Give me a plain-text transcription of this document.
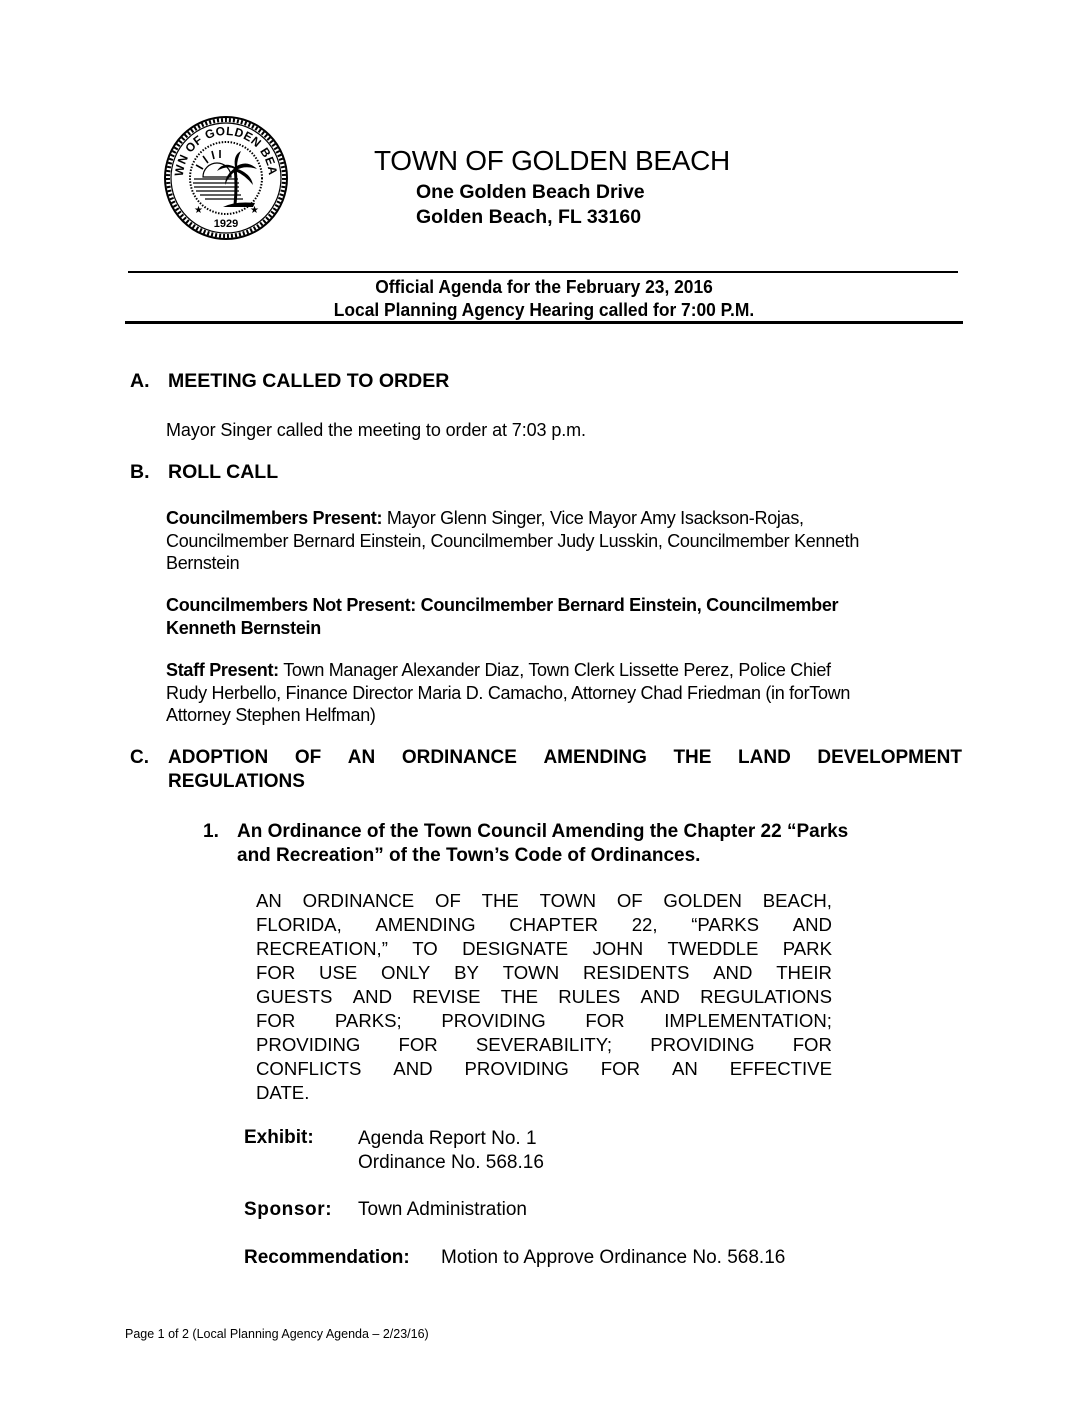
WN OF GOLDEN BEA
★	★
1929
TOWN OF GOLDEN BEACH
One Golden Beach Drive
Golden Beach, FL 33160
Official Agenda for the February 23, 2016
Local Planning Agency Hearing called for 7:00 P.M.
A. MEETING CALLED TO ORDER
Mayor Singer called the meeting to order at 7:03 p.m.
B. ROLL CALL
Councilmembers Present: Mayor Glenn Singer, Vice Mayor Amy Isackson-Rojas,
Councilmember Bernard Einstein, Councilmember Judy Lusskin, Councilmember Kenneth
Bernstein
Councilmembers Not Present: Councilmember Bernard Einstein, Councilmember
Kenneth Bernstein
Staff Present: Town Manager Alexander Diaz, Town Clerk Lissette Perez, Police Chief
Rudy Herbello, Finance Director Maria D. Camacho, Attorney Chad Friedman (in forTown
Attorney Stephen Helfman)
C. ADOPTION OF AN ORDINANCE AMENDING THE LAND DEVELOPMENT
REGULATIONS
1. An Ordinance of the Town Council Amending the Chapter 22 “Parks
and Recreation” of the Town’s Code of Ordinances.
AN ORDINANCE OF THE TOWN OF GOLDEN BEACH,
FLORIDA, AMENDING CHAPTER 22, “PARKS AND
RECREATION,” TO DESIGNATE JOHN TWEDDLE PARK
FOR USE ONLY BY TOWN RESIDENTS AND THEIR
GUESTS AND REVISE THE RULES AND REGULATIONS
FOR PARKS; PROVIDING FOR IMPLEMENTATION;
PROVIDING FOR SEVERABILITY; PROVIDING FOR
CONFLICTS AND PROVIDING FOR AN EFFECTIVE
DATE.
Exhibit: Agenda Report No. 1
Ordinance No. 568.16
Sponsor: Town Administration
Recommendation: Motion to Approve Ordinance No. 568.16
Page 1 of 2 (Local Planning Agency Agenda – 2/23/16)
